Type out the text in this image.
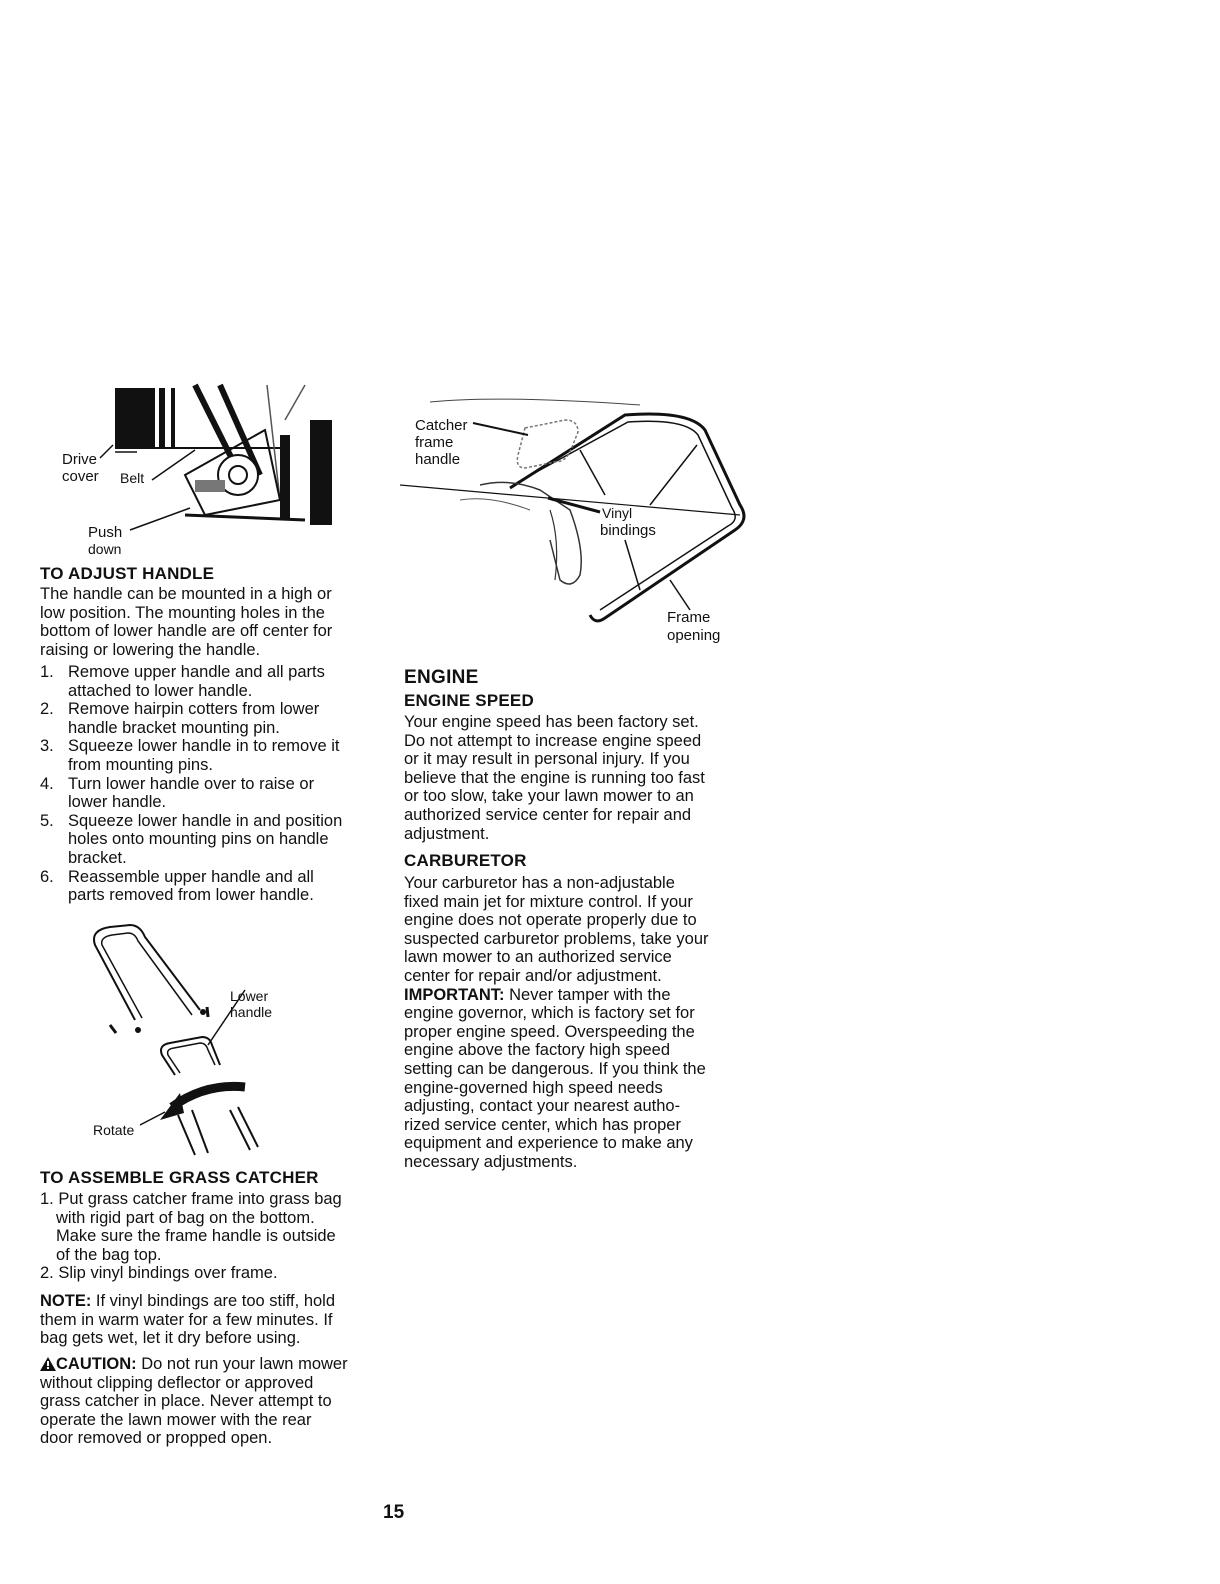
Drive
cover Belt
Push
down
TO ADJUST HANDLE
The handle can be mounted in a high or
low position. The mounting holes in the
bottom of lower handle are off center for
raising or lowering the handle.
1. Remove upper handle and all parts
attached to lower handle.
2. Remove hairpin cotters from lower
handle bracket mounting pin.
3. Squeeze lower handle in to remove it
from mounting pins.
4. Turn lower handle over to raise or
lower handle.
5. Squeeze lower handle in and position
holes onto mounting pins on handle
bracket.
6. Reassemble upper handle and all
parts removed from lower handle.
Lower
handle
Rotate
TO ASSEMBLE GRASS CATCHER
1. Put grass catcher frame into grass bag
with rigid part of bag on the bottom.
Make sure the frame handle is outside
of the bag top.
2. Slip vinyl bindings over frame.
NOTE: If vinyl bindings are too stiff, hold
them in warm water for a few minutes. If
bag gets wet, let it dry before using.
CAUTION: Do not run your lawn mower
without clipping deflector or approved
grass catcher in place. Never attempt to
operate the lawn mower with the rear
door removed or propped open.
Catcher
frame
handle
Vinyl
bindings
Frame
opening
ENGINE
ENGINE SPEED
Your engine speed has been factory set.
Do not attempt to increase engine speed
or it may result in personal injury. If you
believe that the engine is running too fast
or too slow, take your lawn mower to an
authorized service center for repair and
adjustment.
CARBURETOR
Your carburetor has a non-adjustable
fixed main jet for mixture control. If your
engine does not operate properly due to
suspected carburetor problems, take your
lawn mower to an authorized service
center for repair and/or adjustment.
IMPORTANT: Never tamper with the
engine governor, which is factory set for
proper engine speed. Overspeeding the
engine above the factory high speed
setting can be dangerous. If you think the
engine-governed high speed needs
adjusting, contact your nearest autho-
rized service center, which has proper
equipment and experience to make any
necessary adjustments.
15
